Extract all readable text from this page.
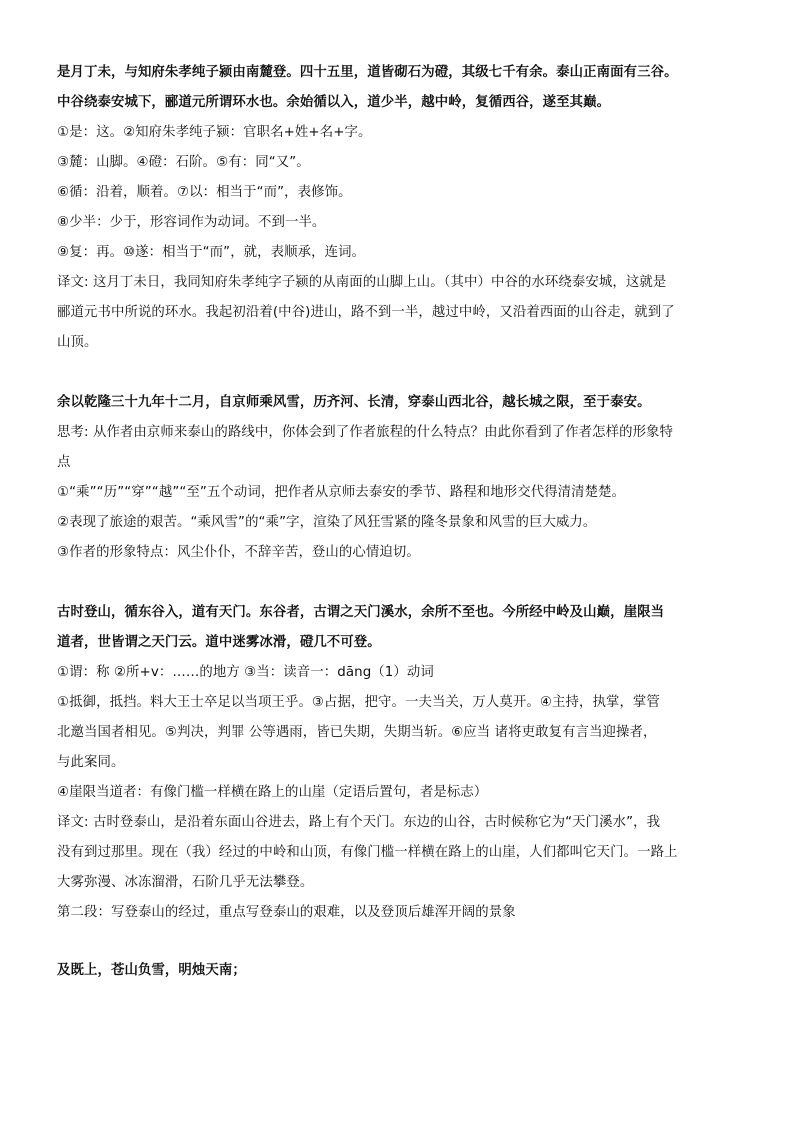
是月丁未，与知府朱孝纯子颍由南麓登。四十五里，道皆砌石为磴，其级七千有余。泰山正南面有三谷。

中谷绕泰安城下，郦道元所谓环水也。余始循以入，道少半，越中岭，复循西谷，遂至其巅。

①是：这。②知府朱孝纯子颍：官职名+姓+名+字。

③麓：山脚。④磴：石阶。⑤有：同“又”。

⑥循：沿着，顺着。⑦以：相当于“而”，表修饰。

⑧少半：少于，形容词作为动词。不到一半。

⑨复：再。⑩遂：相当于“而”，就，表顺承，连词。

译文: 这月丁未日，我同知府朱孝纯字子颍的从南面的山脚上山。（其中）中谷的水环绕泰安城，这就是

郦道元书中所说的环水。我起初沿着(中谷)进山，路不到一半，越过中岭，又沿着西面的山谷走，就到了

山顶。

余以乾隆三十九年十二月，自京师乘风雪，历齐河、长清，穿泰山西北谷，越长城之限，至于泰安。

思考: 从作者由京师来泰山的路线中，你体会到了作者旅程的什么特点？由此你看到了作者怎样的形象特

点

①“乘”“历”“穿”“越”“至”五个动词，把作者从京师去泰安的季节、路程和地形交代得清清楚楚。

②表现了旅途的艰苦。“乘风雪”的“乘”字，渲染了风狂雪紧的隆冬景象和风雪的巨大威力。

③作者的形象特点：风尘仆仆，不辞辛苦，登山的心情迫切。

古时登山，循东谷入，道有天门。东谷者，古谓之天门溪水，余所不至也。今所经中岭及山巅，崖限当

道者，世皆谓之天门云。道中迷雾冰滑，磴几不可登。

①谓：称 ②所+v：……的地方 ③当：读音一：dāng（1）动词

①抵御，抵挡。料大王士卒足以当项王乎。③占据，把守。一夫当关，万人莫开。④主持，执掌，掌管

北邀当国者相见。⑤判决，判罪 公等遇雨，皆已失期，失期当斩。⑥应当 诸将吏敢复有言当迎操者，

与此案同。

④崖限当道者：有像门槛一样横在路上的山崖（定语后置句，者是标志）

译文: 古时登泰山，是沿着东面山谷进去，路上有个天门。东边的山谷，古时候称它为“天门溪水”，我

没有到过那里。现在（我）经过的中岭和山顶，有像门槛一样横在路上的山崖，人们都叫它天门。一路上

大雾弥漫、冰冻溜滑，石阶几乎无法攀登。

第二段：写登泰山的经过，重点写登泰山的艰难，以及登顶后雄浑开阔的景象

及既上，苍山负雪，明烛天南；
